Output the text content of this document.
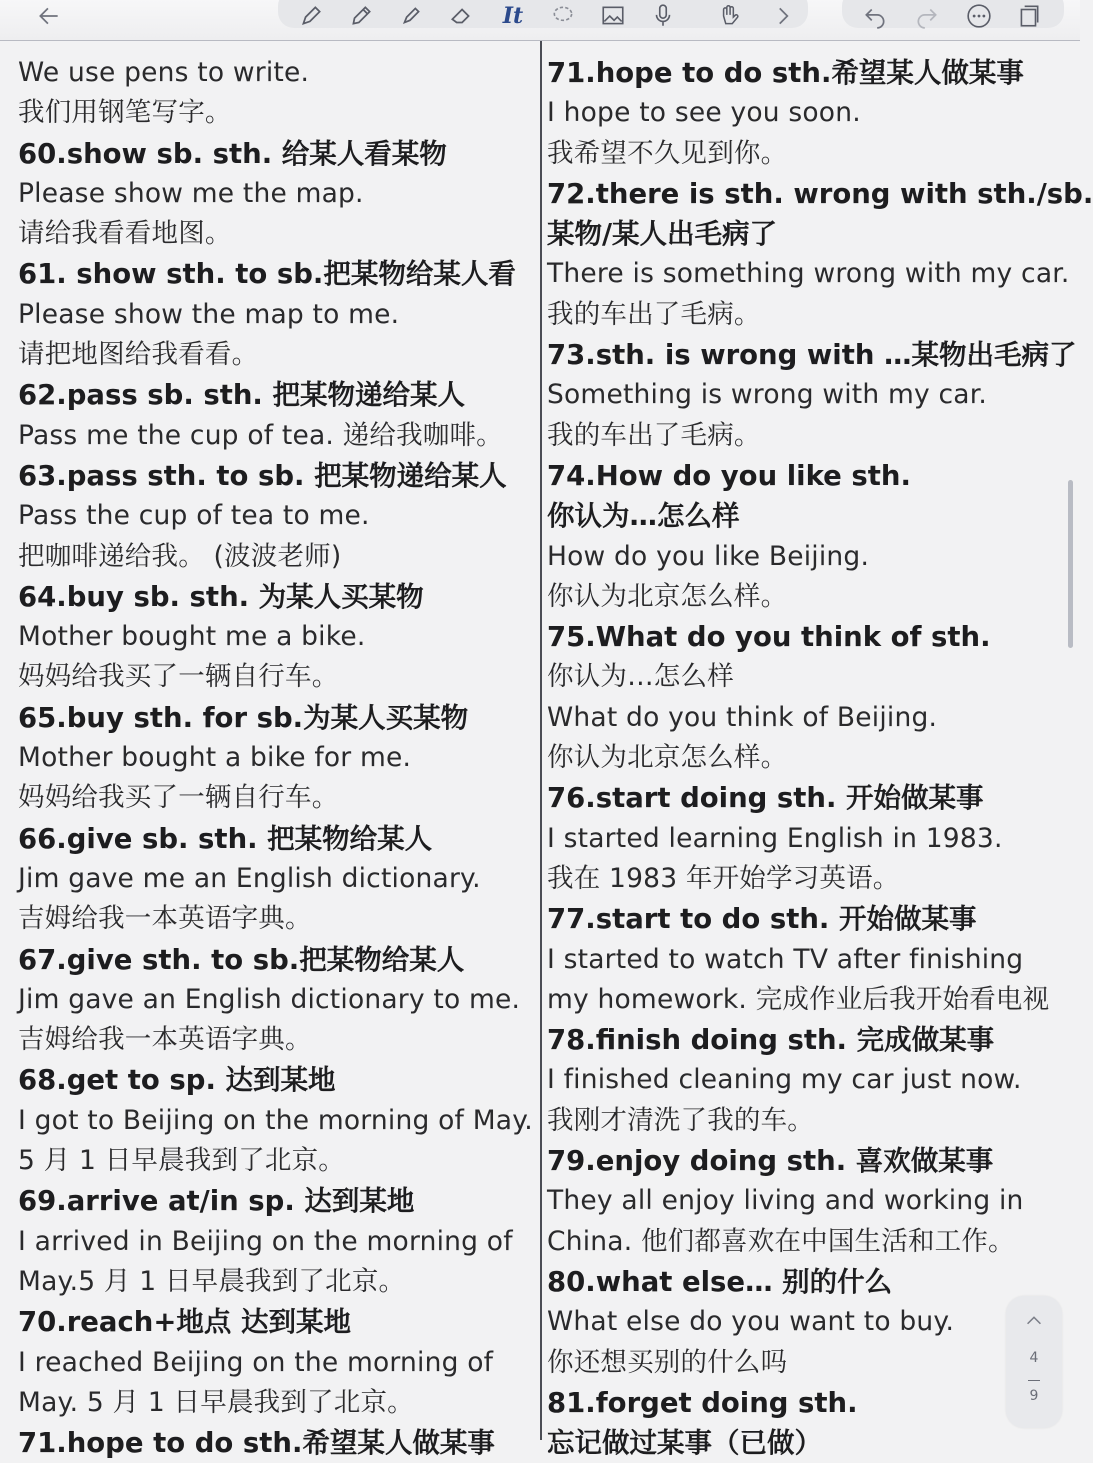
It
We use pens to write.
我们用钢笔写字。
60.show sb. sth. 给某人看某物
Please show me the map.
请给我看看地图。
61. show sth. to sb.把某物给某人看
Please show the map to me.
请把地图给我看看。
62.pass sb. sth. 把某物递给某人
Pass me the cup of tea. 递给我咖啡。
63.pass sth. to sb. 把某物递给某人
Pass the cup of tea to me.
把咖啡递给我。 (波波老师)
64.buy sb. sth. 为某人买某物
Mother bought me a bike.
妈妈给我买了一辆自行车。
65.buy sth. for sb.为某人买某物
Mother bought a bike for me.
妈妈给我买了一辆自行车。
66.give sb. sth. 把某物给某人
Jim gave me an English dictionary.
吉姆给我一本英语字典。
67.give sth. to sb.把某物给某人
Jim gave an English dictionary to me.
吉姆给我一本英语字典。
68.get to sp. 达到某地
I got to Beijing on the morning of May.
5 月 1 日早晨我到了北京。
69.arrive at/in sp. 达到某地
I arrived in Beijing on the morning of
May.5 月 1 日早晨我到了北京。
70.reach+地点 达到某地
I reached Beijing on the morning of
May. 5 月 1 日早晨我到了北京。
71.hope to do sth.希望某人做某事
71.hope to do sth.希望某人做某事
I hope to see you soon.
我希望不久见到你。
72.there is sth. wrong with sth./sb.
某物/某人出毛病了
There is something wrong with my car.
我的车出了毛病。
73.sth. is wrong with …某物出毛病了
Something is wrong with my car.
我的车出了毛病。
74.How do you like sth.
你认为…怎么样
How do you like Beijing.
你认为北京怎么样。
75.What do you think of sth.
你认为…怎么样
What do you think of Beijing.
你认为北京怎么样。
76.start doing sth. 开始做某事
I started learning English in 1983.
我在 1983 年开始学习英语。
77.start to do sth. 开始做某事
I started to watch TV after finishing
my homework. 完成作业后我开始看电视
78.finish doing sth. 完成做某事
I finished cleaning my car just now.
我刚才清洗了我的车。
79.enjoy doing sth. 喜欢做某事
They all enjoy living and working in
China. 他们都喜欢在中国生活和工作。
80.what else… 别的什么
What else do you want to buy.
你还想买别的什么吗
81.forget doing sth.
忘记做过某事（已做）
4
9
